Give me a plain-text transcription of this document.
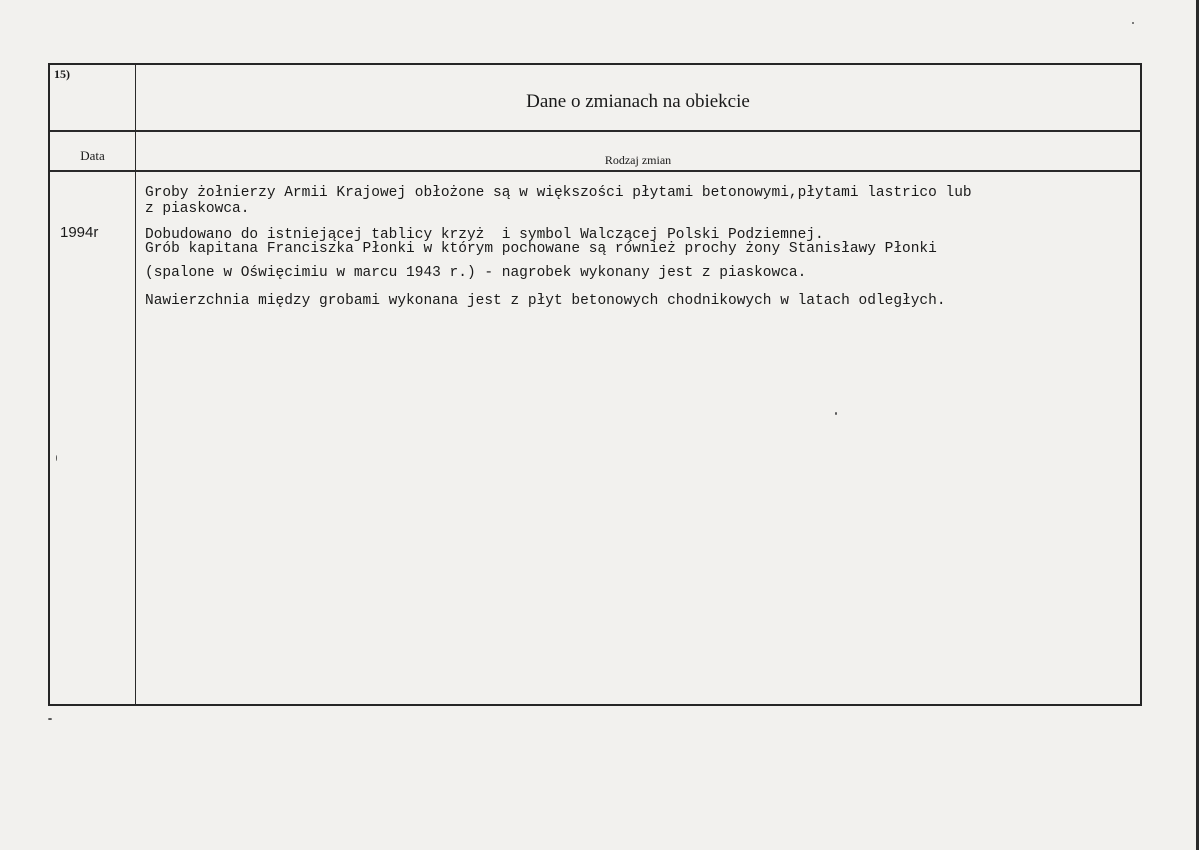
15)
Dane o zmianach na obiekcie
Data	Rodzaj zmian
1994r

Groby żołnierzy Armii Krajowej obłożone są w większości płytami betonowymi,płytami lastrico lub

z piaskowca.

Dobudowano do istniejącej tablicy krzyż  i symbol Walczącej Polski Podziemnej.

Grób kapitana Franciszka Płonki w którym pochowane są również prochy żony Stanisławy Płonki

(spalone w Oświęcimiu w marcu 1943 r.) - nagrobek wykonany jest z piaskowca.

Nawierzchnia między grobami wykonana jest z płyt betonowych chodnikowych w latach odległych.
